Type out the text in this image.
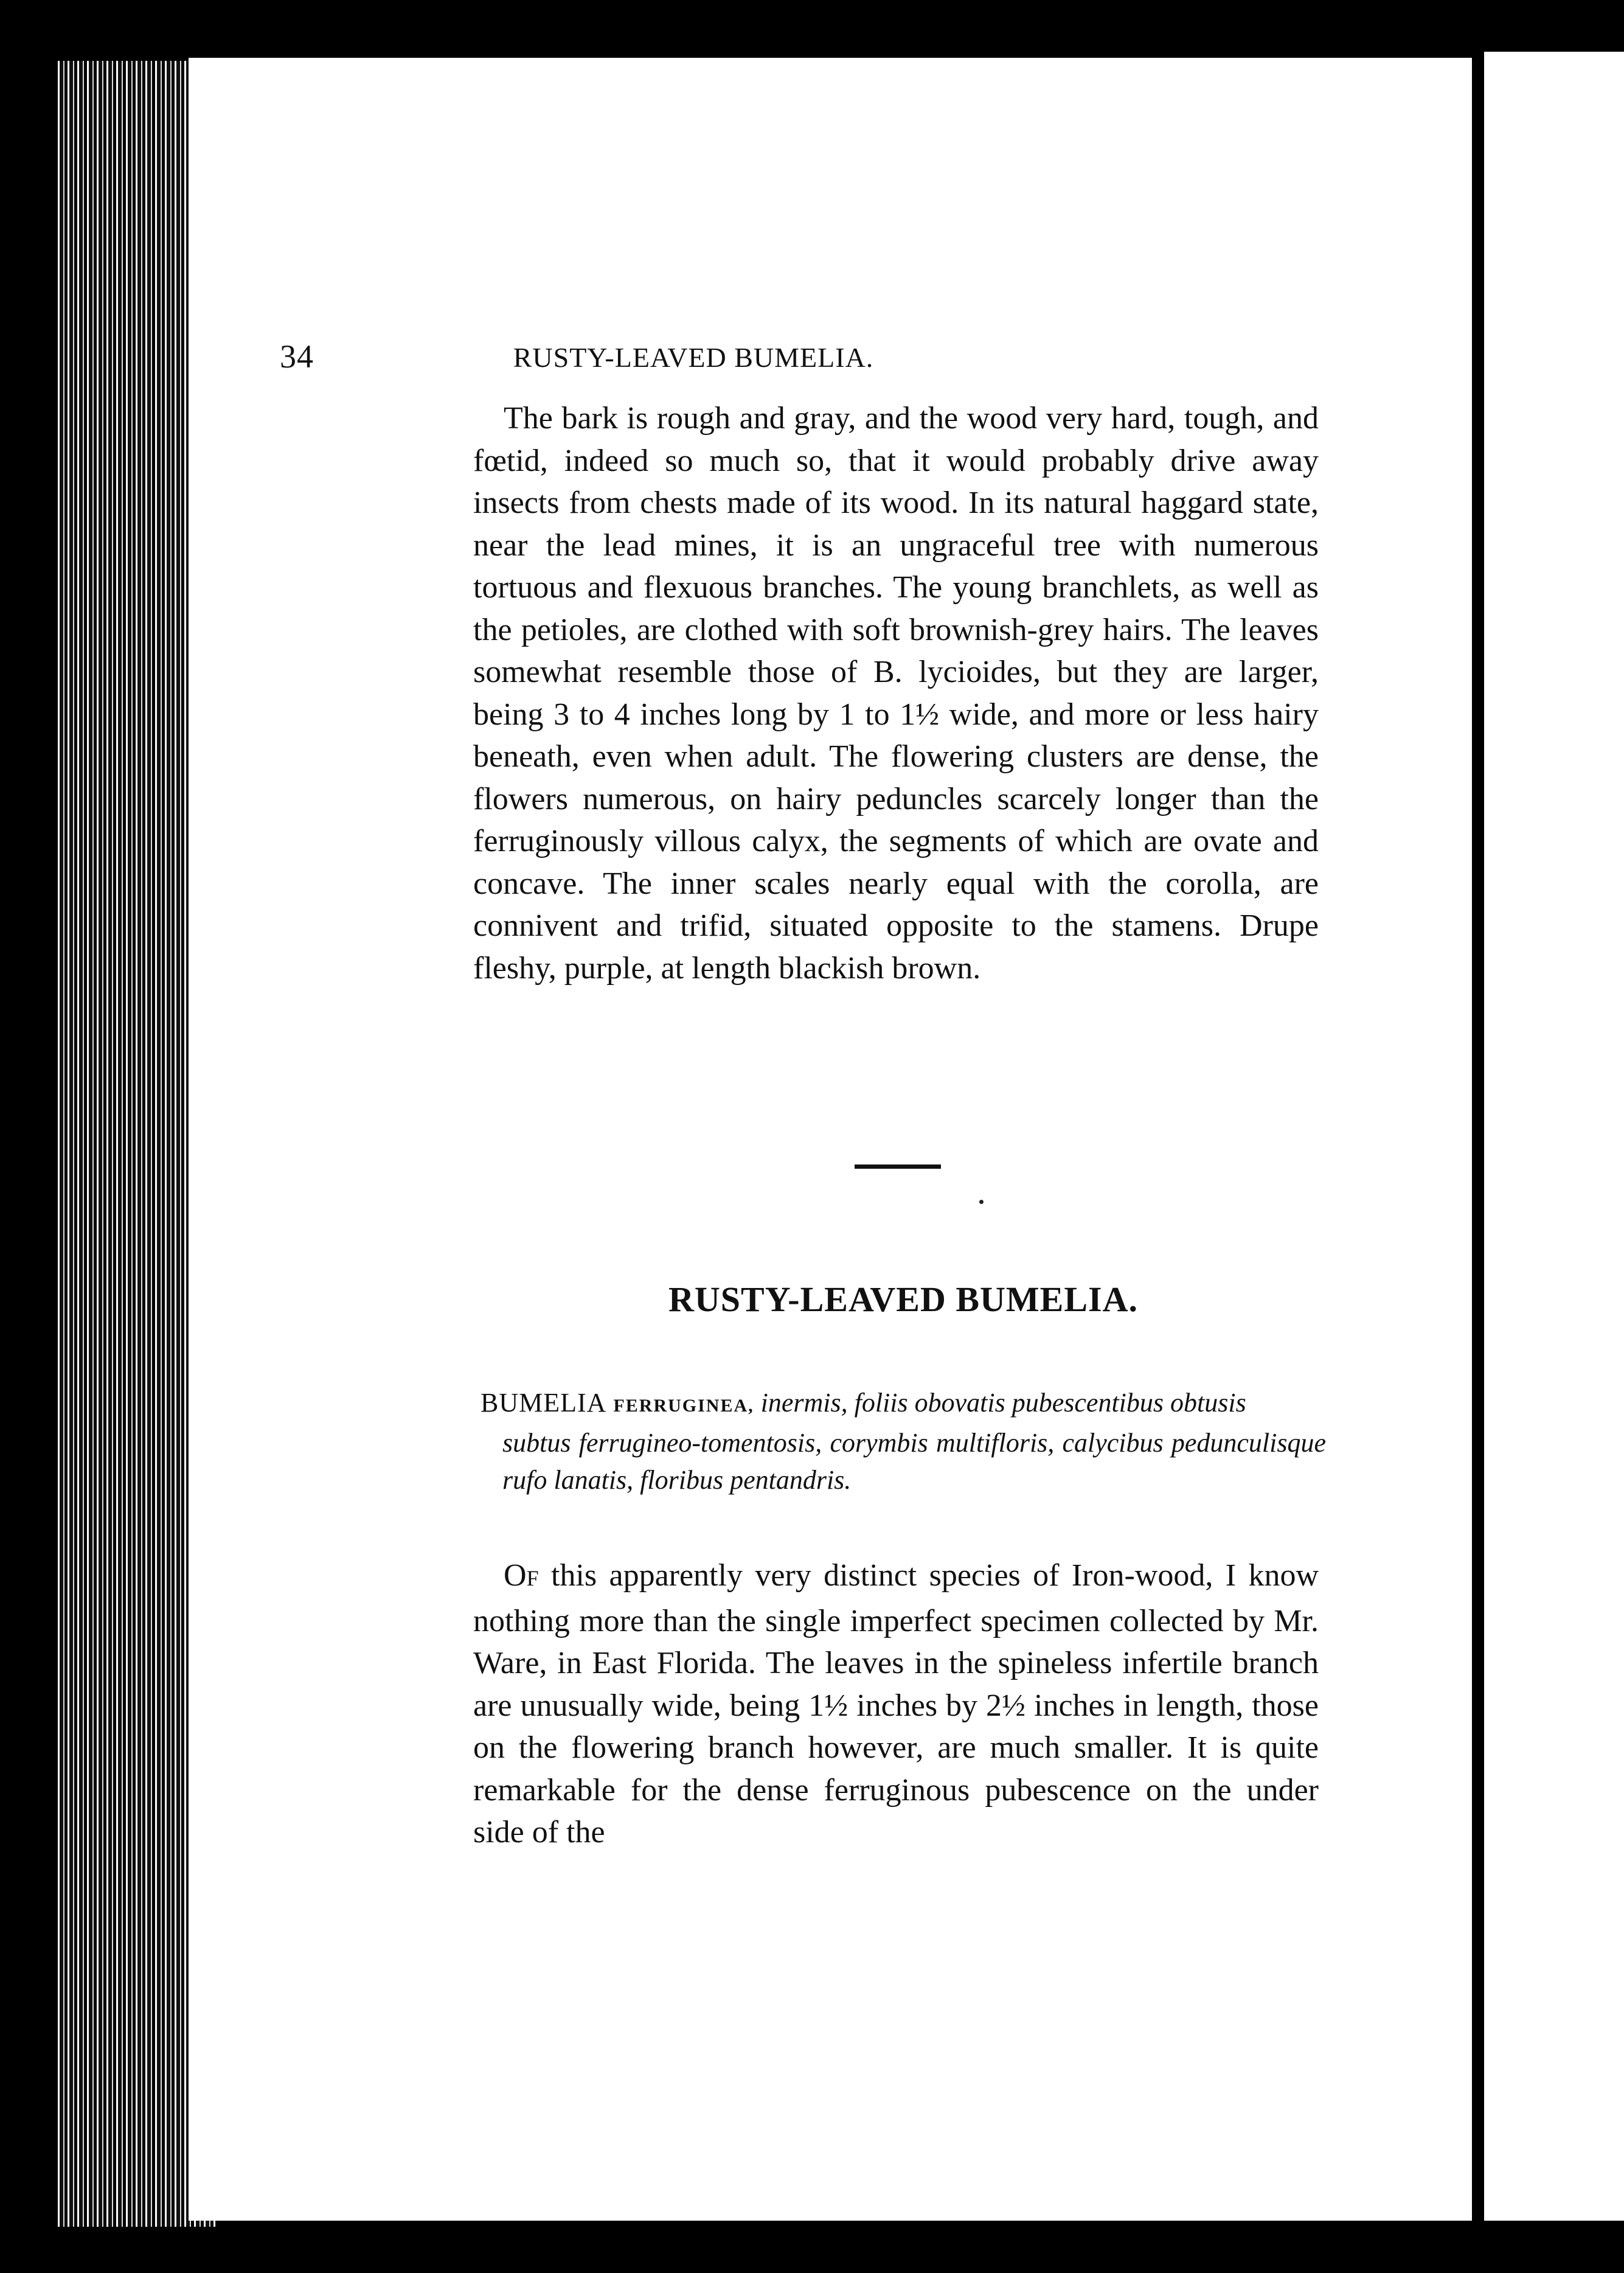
34	RUSTY-LEAVED BUMELIA.

The bark is rough and gray, and the wood very hard, tough, and fœtid, indeed so much so, that it would probably drive away insects from chests made of its wood. In its natural haggard state, near the lead mines, it is an ungraceful tree with numerous tortuous and flexuous branches. The young branchlets, as well as the petioles, are clothed with soft brownish-grey hairs. The leaves somewhat resemble those of B. lycioides, but they are larger, being 3 to 4 inches long by 1 to 1½ wide, and more or less hairy beneath, even when adult. The flowering clusters are dense, the flowers numerous, on hairy peduncles scarcely longer than the ferruginously villous calyx, the segments of which are ovate and concave. The inner scales nearly equal with the corolla, are connivent and trifid, situated opposite to the stamens. Drupe fleshy, purple, at length blackish brown.

RUSTY-LEAVED BUMELIA.
BUMELIA FERRUGINEA, inermis, foliis obovatis pubescentibus obtusis
subtus ferrugineo-tomentosis, corymbis multifloris, calycibus pedunculisque rufo lanatis, floribus pentandris.

OF this apparently very distinct species of Iron-wood, I know nothing more than the single imperfect specimen collected by Mr. Ware, in East Florida. The leaves in the spineless infertile branch are unusually wide, being 1½ inches by 2½ inches in length, those on the flowering branch however, are much smaller. It is quite remarkable for the dense ferruginous pubescence on the under side of the
